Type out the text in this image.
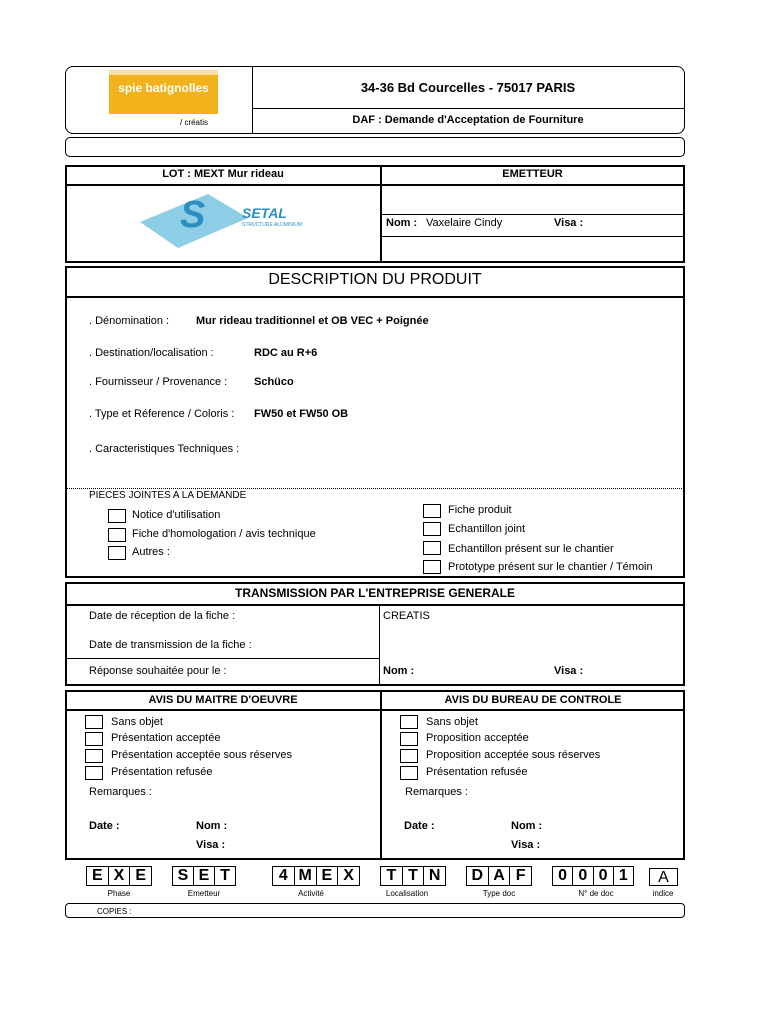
spie batignolles
/ créatis
34-36 Bd Courcelles - 75017 PARIS
DAF : Demande d'Acceptation de Fourniture
LOT : MEXT Mur rideau	EMETTEUR
S	SETAL
STRUCTURE ALUMINIUM	Nom : Vaxelaire Cindy	Visa :
DESCRIPTION DU PRODUIT
. Dénomination : Mur rideau traditionnel et OB VEC + Poignée
. Destination/localisation :	RDC au R+6
. Fournisseur / Provenance : Schüco
. Type et Réference / Coloris : FW50 et FW50 OB
. Caracteristiques Techniques :
PIECES JOINTES A LA DEMANDE
Notice d'utilisation
Fiche d'homologation / avis technique
Autres :
Fiche produit
Echantillon joint
Echantillon présent sur le chantier
Prototype présent sur le chantier / Témoin
TRANSMISSION PAR L'ENTREPRISE GENERALE
Date de réception de la fiche :
Date de transmission de la fiche :
Réponse souhaitée pour le :
CREATIS
Nom :	Visa :
AVIS DU MAITRE D'OEUVRE	AVIS DU BUREAU DE CONTROLE
Sans objet
Présentation acceptée
Présentation acceptée sous réserves
Présentation refusée
Remarques :
Date :	Nom :
Visa :
Sans objet
Proposition acceptée
Proposition acceptée sous réserves
Présentation refusée
Remarques :
Date :	Nom :
Visa :
E X E
Phase
S E T
Emetteur
4 M E X
Activité
T T N
Localisation
D A F
Type doc
0 0 0 1
N° de doc
A
indice
COPIES :
